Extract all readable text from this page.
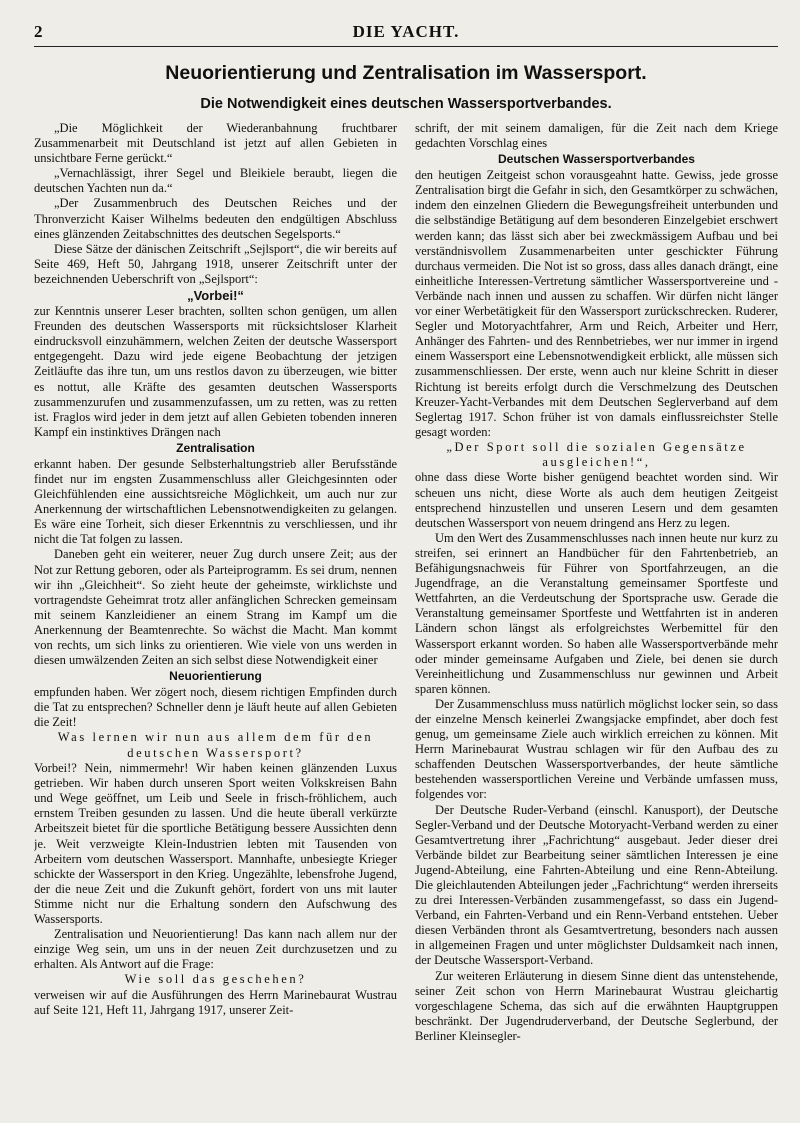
2	DIE YACHT.
Neuorientierung und Zentralisation im Wassersport.
Die Notwendigkeit eines deutschen Wassersportverbandes.

„Die Möglichkeit der Wiederanbahnung fruchtbarer Zusammenarbeit mit Deutschland ist jetzt auf allen Gebieten in unsichtbare Ferne gerückt.“

„Vernachlässigt, ihrer Segel und Bleikiele beraubt, liegen die deutschen Yachten nun da.“

„Der Zusammenbruch des Deutschen Reiches und der Thronverzicht Kaiser Wilhelms bedeuten den endgültigen Abschluss eines glänzenden Zeitabschnittes des deutschen Segelsports.“

Diese Sätze der dänischen Zeitschrift „Sejlsport“, die wir bereits auf Seite 469, Heft 50, Jahrgang 1918, unserer Zeitschrift unter der bezeichnenden Ueberschrift von „Sejlsport“:

„Vorbei!“

zur Kenntnis unserer Leser brachten, sollten schon genügen, um allen Freunden des deutschen Wassersports mit rücksichtsloser Klarheit eindrucksvoll einzuhämmern, welchen Zeiten der deutsche Wassersport entgegengeht. Dazu wird jede eigene Beobachtung der jetzigen Zeitläufte das ihre tun, um uns restlos davon zu überzeugen, wie bitter es nottut, alle Kräfte des gesamten deutschen Wassersports zusammenzurufen und zusammenzufassen, um zu retten, was zu retten ist. Fraglos wird jeder in dem jetzt auf allen Gebieten tobenden inneren Kampf ein instinktives Drängen nach

Zentralisation

erkannt haben. Der gesunde Selbsterhaltungstrieb aller Berufsstände findet nur im engsten Zusammenschluss aller Gleichgesinnten oder Gleichfühlenden eine aussichtsreiche Möglichkeit, um auch nur zur Anerkennung der wirtschaftlichen Lebensnotwendigkeiten zu gelangen. Es wäre eine Torheit, sich dieser Erkenntnis zu verschliessen, und ihr nicht die Tat folgen zu lassen.

Daneben geht ein weiterer, neuer Zug durch unsere Zeit; aus der Not zur Rettung geboren, oder als Parteiprogramm. Es sei drum, nennen wir ihn „Gleichheit“. So zieht heute der geheimste, wirklichste und vortragendste Geheimrat trotz aller anfänglichen Schrecken gemeinsam mit seinem Kanzleidiener an einem Strang im Kampf um die Anerkennung der Beamtenrechte. So wächst die Macht. Man kommt von rechts, um sich links zu orientieren. Wie viele von uns werden in diesen umwälzenden Zeiten an sich selbst diese Notwendigkeit einer

Neuorientierung

empfunden haben. Wer zögert noch, diesem richtigen Empfinden durch die Tat zu entsprechen? Schneller denn je läuft heute auf allen Gebieten die Zeit!

Was lernen wir nun aus allem dem für den deutschen Wassersport?

Vorbei!? Nein, nimmermehr! Wir haben keinen glänzenden Luxus getrieben. Wir haben durch unseren Sport weiten Volkskreisen Bahn und Wege geöffnet, um Leib und Seele in frisch-fröhlichem, auch ernstem Treiben gesunden zu lassen. Und die heute überall verkürzte Arbeitszeit bietet für die sportliche Betätigung bessere Aussichten denn je. Weit verzweigte Klein-Industrien lebten mit Tausenden von Arbeitern vom deutschen Wassersport. Mannhafte, unbesiegte Krieger schickte der Wassersport in den Krieg. Ungezählte, lebensfrohe Jugend, der die neue Zeit und die Zukunft gehört, fordert von uns mit lauter Stimme nicht nur die Erhaltung sondern den Aufschwung des Wassersports.

Zentralisation und Neuorientierung! Das kann nach allem nur der einzige Weg sein, um uns in der neuen Zeit durchzusetzen und zu erhalten. Als Antwort auf die Frage:

Wie soll das geschehen?

verweisen wir auf die Ausführungen des Herrn Marinebaurat Wustrau auf Seite 121, Heft 11, Jahrgang 1917, unserer Zeit-

schrift, der mit seinem damaligen, für die Zeit nach dem Kriege gedachten Vorschlag eines

Deutschen Wassersportverbandes

den heutigen Zeitgeist schon vorausgeahnt hatte. Gewiss, jede grosse Zentralisation birgt die Gefahr in sich, den Gesamtkörper zu schwächen, indem den einzelnen Gliedern die Bewegungsfreiheit unterbunden und die selbständige Betätigung auf dem besonderen Einzelgebiet erschwert werden kann; das lässt sich aber bei zweckmässigem Aufbau und bei verständnisvollem Zusammenarbeiten unter geschickter Führung durchaus vermeiden. Die Not ist so gross, dass alles danach drängt, eine einheitliche Interessen-Vertretung sämtlicher Wassersportvereine und -Verbände nach innen und aussen zu schaffen. Wir dürfen nicht länger vor einer Werbetätigkeit für den Wassersport zurückschrecken. Ruderer, Segler und Motoryachtfahrer, Arm und Reich, Arbeiter und Herr, Anhänger des Fahrten- und des Rennbetriebes, wer nur immer in irgend einem Wassersport eine Lebensnotwendigkeit erblickt, alle müssen sich zusammenschliessen. Der erste, wenn auch nur kleine Schritt in dieser Richtung ist bereits erfolgt durch die Verschmelzung des Deutschen Kreuzer-Yacht-Verbandes mit dem Deutschen Seglerverband auf dem Seglertag 1917. Schon früher ist von damals einflussreichster Stelle gesagt worden:

„Der Sport soll die sozialen Gegensätze ausgleichen!“,

ohne dass diese Worte bisher genügend beachtet worden sind. Wir scheuen uns nicht, diese Worte als auch dem heutigen Zeitgeist entsprechend hinzustellen und unseren Lesern und dem gesamten deutschen Wassersport von neuem dringend ans Herz zu legen.

Um den Wert des Zusammenschlusses nach innen heute nur kurz zu streifen, sei erinnert an Handbücher für den Fahrtenbetrieb, an Befähigungsnachweis für Führer von Sportfahrzeugen, an die Jugendfrage, an die Veranstaltung gemeinsamer Sportfeste und Wettfahrten, an die Verdeutschung der Sportsprache usw. Gerade die Veranstaltung gemeinsamer Sportfeste und Wettfahrten ist in anderen Ländern schon längst als erfolgreichstes Werbemittel für den Wassersport erkannt worden. So haben alle Wassersportverbände mehr oder minder gemeinsame Aufgaben und Ziele, bei denen sie durch Vereinheitlichung und Zusammenschluss nur gewinnen und Arbeit sparen können.

Der Zusammenschluss muss natürlich möglichst locker sein, so dass der einzelne Mensch keinerlei Zwangsjacke empfindet, aber doch fest genug, um gemeinsame Ziele auch wirklich erreichen zu können. Mit Herrn Marinebaurat Wustrau schlagen wir für den Aufbau des zu schaffenden Deutschen Wassersportverbandes, der heute sämtliche bestehenden wassersportlichen Vereine und Verbände umfassen muss, folgendes vor:

Der Deutsche Ruder-Verband (einschl. Kanusport), der Deutsche Segler-Verband und der Deutsche Motoryacht-Verband werden zu einer Gesamtvertretung ihrer „Fachrichtung“ ausgebaut. Jeder dieser drei Verbände bildet zur Bearbeitung seiner sämtlichen Interessen je eine Jugend-Abteilung, eine Fahrten-Abteilung und eine Renn-Abteilung. Die gleichlautenden Abteilungen jeder „Fachrichtung“ werden ihrerseits zu drei Interessen-Verbänden zusammengefasst, so dass ein Jugend-Verband, ein Fahrten-Verband und ein Renn-Verband entstehen. Ueber diesen Verbänden thront als Gesamtvertretung, besonders nach aussen in allgemeinen Fragen und unter möglichster Duldsamkeit nach innen, der Deutsche Wassersport-Verband.

Zur weiteren Erläuterung in diesem Sinne dient das untenstehende, seiner Zeit schon von Herrn Marinebaurat Wustrau gleichartig vorgeschlagene Schema, das sich auf die erwähnten Hauptgruppen beschränkt. Der Jugendruderverband, der Deutsche Seglerbund, der Berliner Kleinsegler-
